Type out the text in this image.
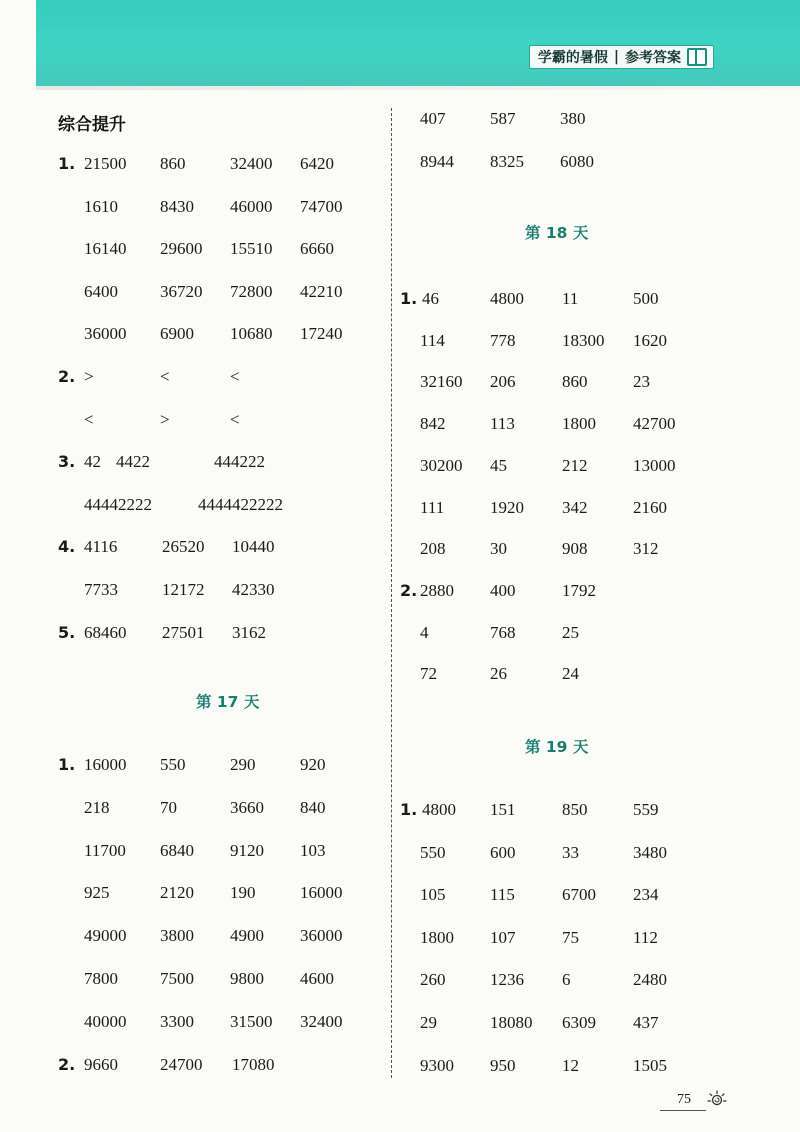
学霸的暑假 | 参考答案
综合提升
1. 21500 860	32400 6420
1610 8430 46000 74700
16140 29600 15510 6660
6400 36720 72800 42210
36000 6900 10680 17240
2. >	<	<
<	>	<
3. 42 4422	444222
44442222	4444422222
4. 4116	26520 10440
7733	12172 42330
5. 68460 27501 3162
第 17 天
1. 16000 550	290	920
218	70	3660 840
11700 6840 9120 103
925	2120 190	16000
49000 3800 4900 36000
7800 7500 9800 4600
40000 3300 31500 32400
2. 9660 24700 17080
407	587	380
8944 8325 6080
第 18 天
1. 46	4800 11	500
114	778	18300 1620
32160 206	860	23
842	113	1800 42700
30200 45	212	13000
111	1920 342	2160
208	30	908	312
2. 2880 400	1792
4	768	25
72	26	24
第 19 天
1. 4800 151	850	559
550	600	33	3480
105	115	6700 234
1800 107	75	112
260	1236 6	2480
29	18080 6309 437
9300 950	12	1505
75
